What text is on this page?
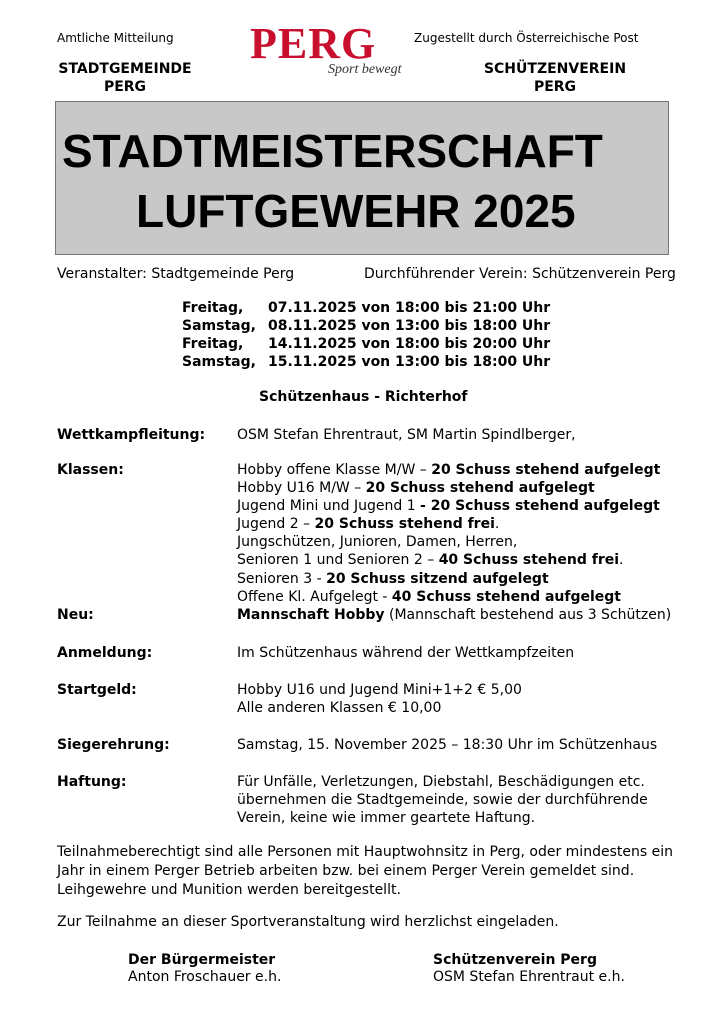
Amtliche Mitteilung
STADTGEMEINDE
PERG
PERG
Sport bewegt
Zugestellt durch Österreichische Post
SCHÜTZENVEREIN
PERG
STADTMEISTERSCHAFT
LUFTGEWEHR 2025
Veranstalter: Stadtgemeinde Perg	Durchführender Verein: Schützenverein Perg
Freitag, 07.11.2025 von 18:00 bis 21:00 Uhr
Samstag, 08.11.2025 von 13:00 bis 18:00 Uhr
Freitag, 14.11.2025 von 18:00 bis 20:00 Uhr
Samstag, 15.11.2025 von 13:00 bis 18:00 Uhr
Schützenhaus - Richterhof
Wettkampfleitung: OSM Stefan Ehrentraut, SM Martin Spindlberger,
Klassen:	Hobby offene Klasse M/W – 20 Schuss stehend aufgelegt
Hobby U16 M/W – 20 Schuss stehend aufgelegt
Jugend Mini und Jugend 1 - 20 Schuss stehend aufgelegt
Jugend 2 – 20 Schuss stehend frei.
Jungschützen, Junioren, Damen, Herren,
Senioren 1 und Senioren 2 – 40 Schuss stehend frei.
Senioren 3 - 20 Schuss sitzend aufgelegt
Offene Kl. Aufgelegt - 40 Schuss stehend aufgelegt
Neu:	Mannschaft Hobby (Mannschaft bestehend aus 3 Schützen)
Anmeldung:	Im Schützenhaus während der Wettkampfzeiten
Startgeld:	Hobby U16 und Jugend Mini+1+2 € 5,00
Alle anderen Klassen € 10,00
Siegerehrung:	Samstag, 15. November 2025 – 18:30 Uhr im Schützenhaus
Haftung:	Für Unfälle, Verletzungen, Diebstahl, Beschädigungen etc.
übernehmen die Stadtgemeinde, sowie der durchführende
Verein, keine wie immer geartete Haftung.
Teilnahmeberechtigt sind alle Personen mit Hauptwohnsitz in Perg, oder mindestens ein
Jahr in einem Perger Betrieb arbeiten bzw. bei einem Perger Verein gemeldet sind.
Leihgewehre und Munition werden bereitgestellt.
Zur Teilnahme an dieser Sportveranstaltung wird herzlichst eingeladen.
Der Bürgermeister
Anton Froschauer e.h.
Schützenverein Perg
OSM Stefan Ehrentraut e.h.
